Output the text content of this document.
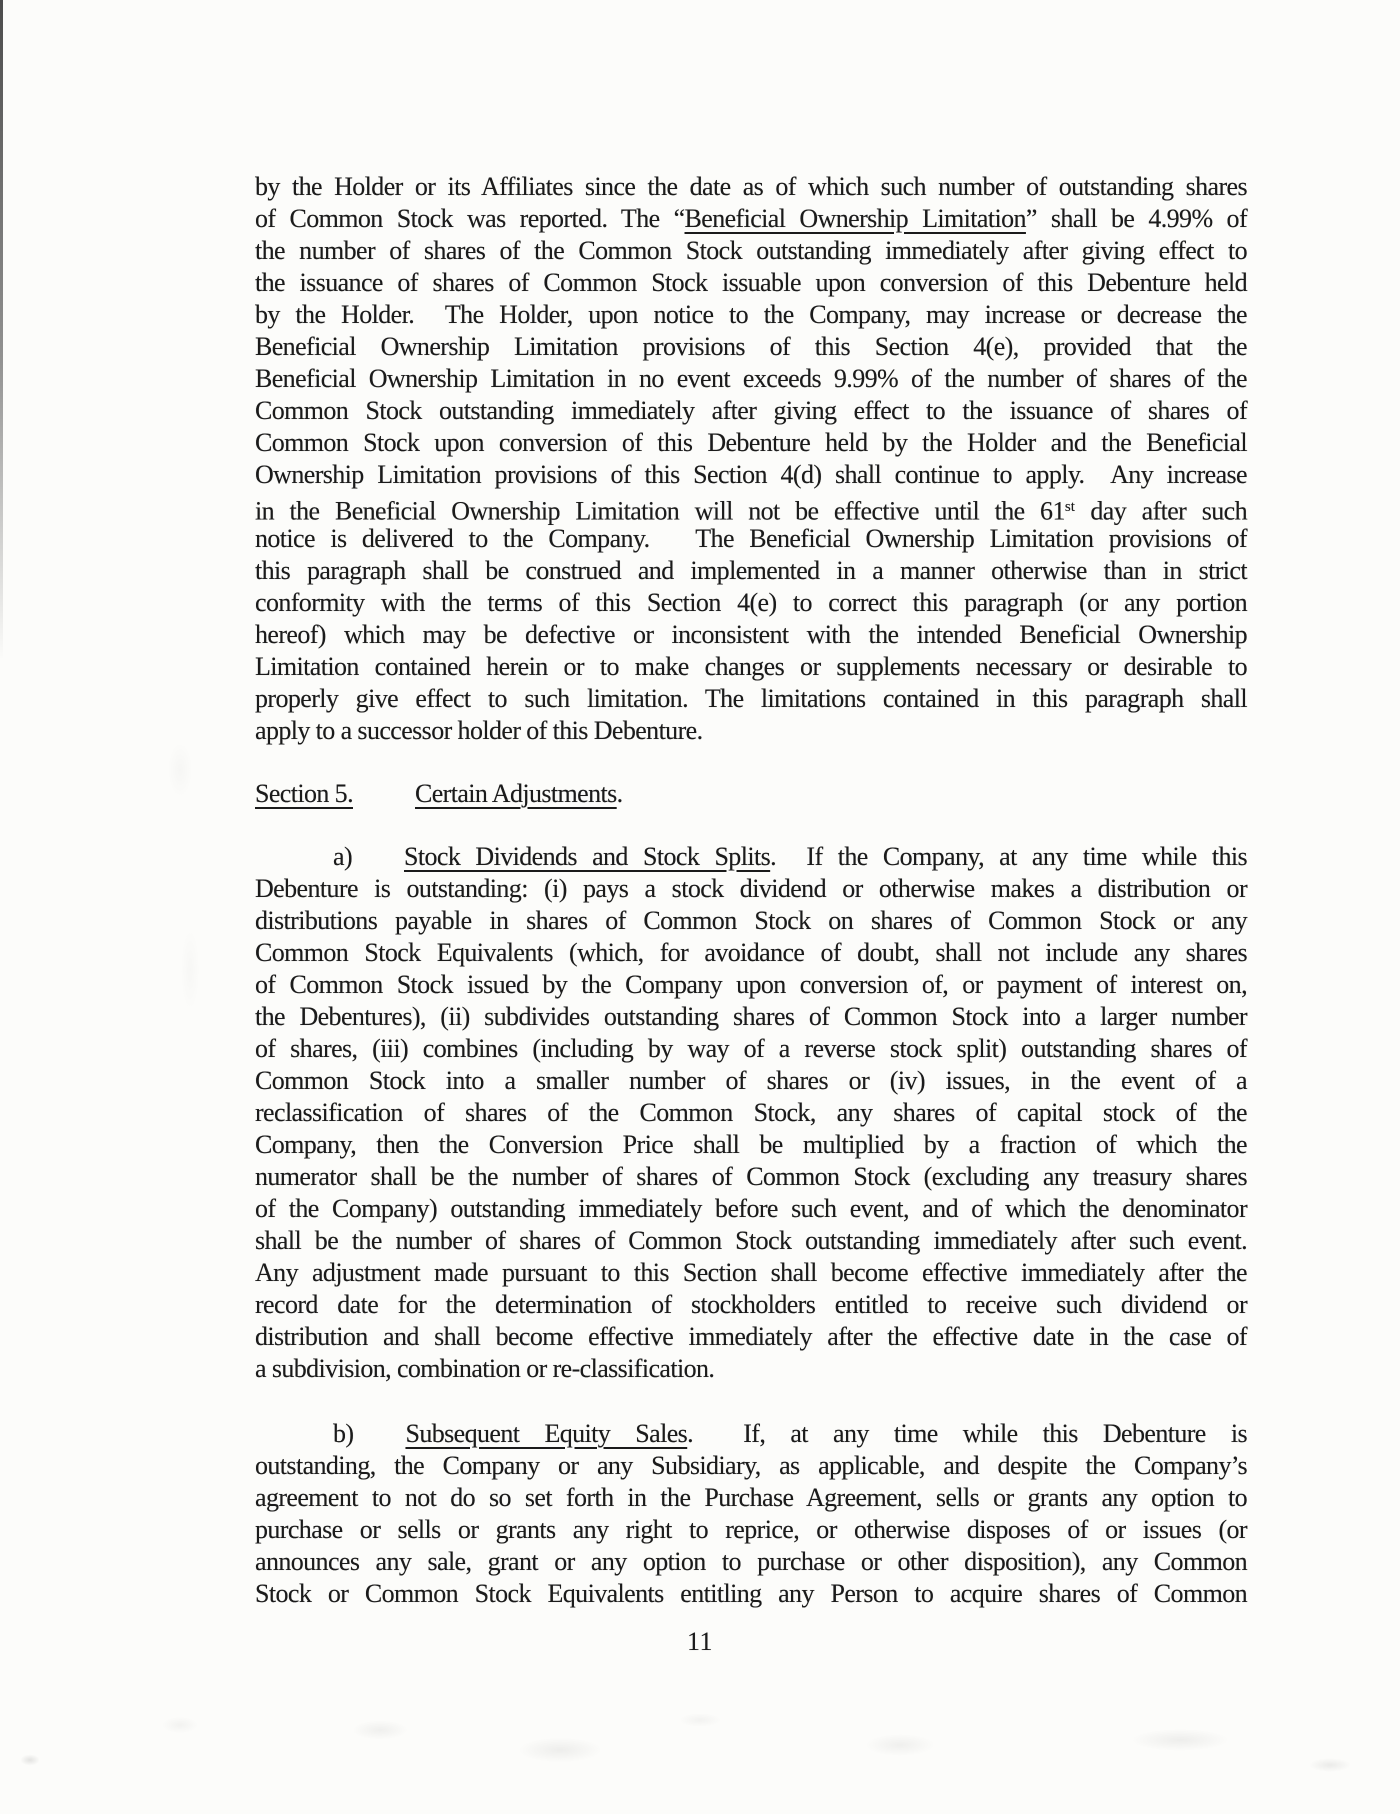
by the Holder or its Affiliates since the date as of which such number of outstanding shares
of Common Stock was reported. The “Beneficial Ownership Limitation” shall be 4.99% of
the number of shares of the Common Stock outstanding immediately after giving effect to
the issuance of shares of Common Stock issuable upon conversion of this Debenture held
by the Holder.  The Holder, upon notice to the Company, may increase or decrease the
Beneficial Ownership Limitation provisions of this Section 4(e), provided that the
Beneficial Ownership Limitation in no event exceeds 9.99% of the number of shares of the
Common Stock outstanding immediately after giving effect to the issuance of shares of
Common Stock upon conversion of this Debenture held by the Holder and the Beneficial
Ownership Limitation provisions of this Section 4(d) shall continue to apply.  Any increase
in the Beneficial Ownership Limitation will not be effective until the 61st day after such
notice is delivered to the Company.   The Beneficial Ownership Limitation provisions of
this paragraph shall be construed and implemented in a manner otherwise than in strict
conformity with the terms of this Section 4(e) to correct this paragraph (or any portion
hereof) which may be defective or inconsistent with the intended Beneficial Ownership
Limitation contained herein or to make changes or supplements necessary or desirable to
properly give effect to such limitation. The limitations contained in this paragraph shall
apply to a successor holder of this Debenture.
Section 5. Certain Adjustments.
a) Stock Dividends and Stock Splits.  If the Company, at any time while this
Debenture is outstanding: (i) pays a stock dividend or otherwise makes a distribution or
distributions payable in shares of Common Stock on shares of Common Stock or any
Common Stock Equivalents (which, for avoidance of doubt, shall not include any shares
of Common Stock issued by the Company upon conversion of, or payment of interest on,
the Debentures), (ii) subdivides outstanding shares of Common Stock into a larger number
of shares, (iii) combines (including by way of a reverse stock split) outstanding shares of
Common Stock into a smaller number of shares or (iv) issues, in the event of a
reclassification of shares of the Common Stock, any shares of capital stock of the
Company, then the Conversion Price shall be multiplied by a fraction of which the
numerator shall be the number of shares of Common Stock (excluding any treasury shares
of the Company) outstanding immediately before such event, and of which the denominator
shall be the number of shares of Common Stock outstanding immediately after such event.
Any adjustment made pursuant to this Section shall become effective immediately after the
record date for the determination of stockholders entitled to receive such dividend or
distribution and shall become effective immediately after the effective date in the case of
a subdivision, combination or re-classification.
b) Subsequent Equity Sales.  If, at any time while this Debenture is
outstanding, the Company or any Subsidiary, as applicable, and despite the Company’s
agreement to not do so set forth in the Purchase Agreement, sells or grants any option to
purchase or sells or grants any right to reprice, or otherwise disposes of or issues (or
announces any sale, grant or any option to purchase or other disposition), any Common
Stock or Common Stock Equivalents entitling any Person to acquire shares of Common
11
